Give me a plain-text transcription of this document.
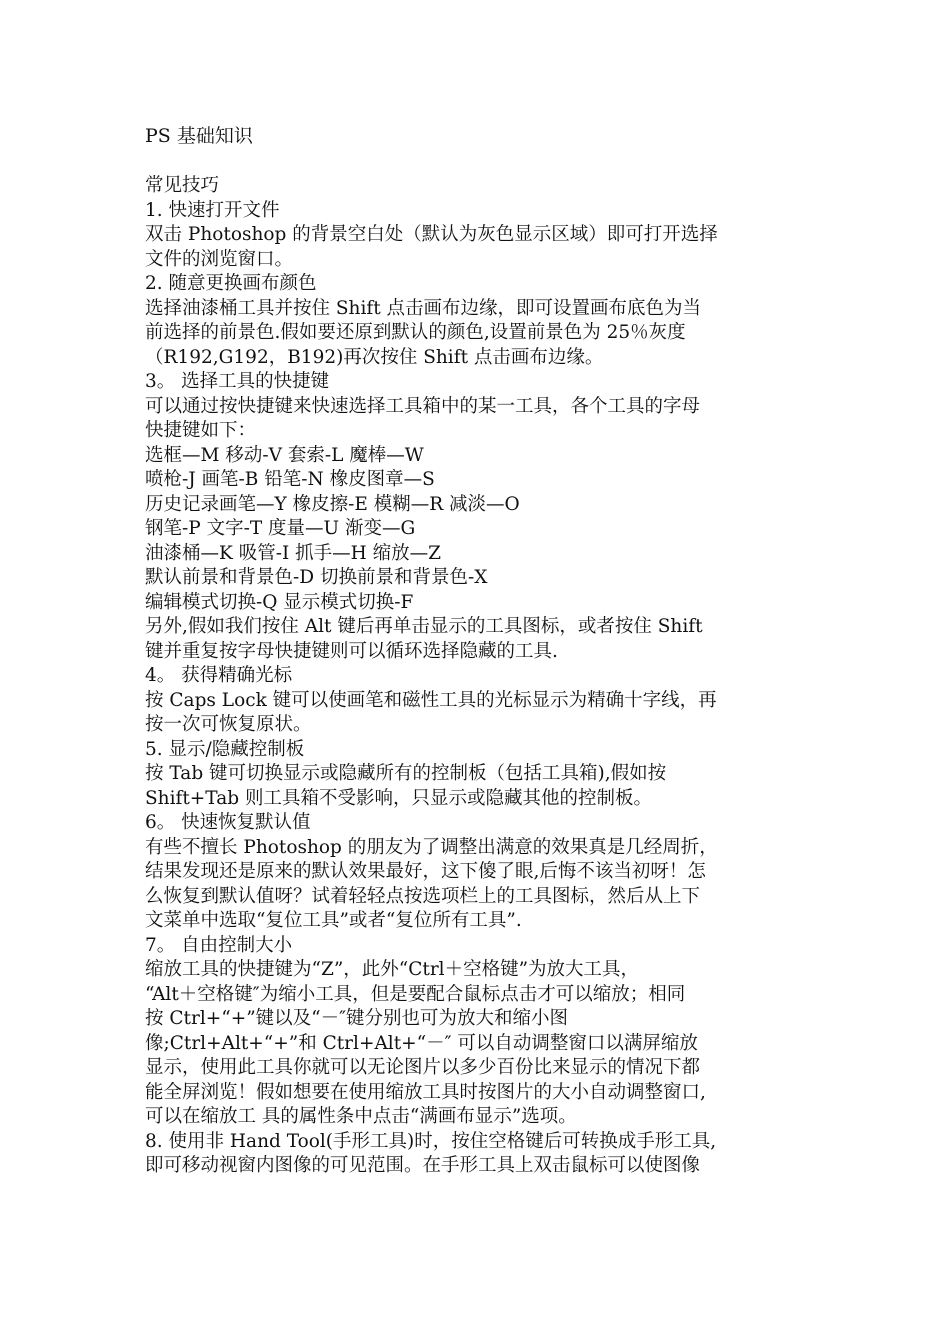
PS 基础知识
常见技巧
1. 快速打开文件
双击 Photoshop 的背景空白处（默认为灰色显示区域）即可打开选择
文件的浏览窗口。
2. 随意更换画布颜色
选择油漆桶工具并按住 Shift 点击画布边缘，即可设置画布底色为当
前选择的前景色.假如要还原到默认的颜色,设置前景色为 25％灰度
（R192,G192，B192)再次按住 Shift 点击画布边缘。
3。 选择工具的快捷键
可以通过按快捷键来快速选择工具箱中的某一工具，各个工具的字母
快捷键如下：
选框—M 移动-V 套索-L 魔棒—W
喷枪-J 画笔-B 铅笔-N 橡皮图章—S
历史记录画笔—Y 橡皮擦-E 模糊—R 减淡—O
钢笔-P 文字-T 度量—U 渐变—G
油漆桶—K 吸管-I 抓手—H 缩放—Z
默认前景和背景色-D 切换前景和背景色-X
编辑模式切换-Q 显示模式切换-F
另外,假如我们按住 Alt 键后再单击显示的工具图标，或者按住 Shift
键并重复按字母快捷键则可以循环选择隐藏的工具.
4。 获得精确光标
按 Caps Lock 键可以使画笔和磁性工具的光标显示为精确十字线，再
按一次可恢复原状。
5. 显示/隐藏控制板
按 Tab 键可切换显示或隐藏所有的控制板（包括工具箱),假如按
Shift+Tab 则工具箱不受影响，只显示或隐藏其他的控制板。
6。 快速恢复默认值
有些不擅长 Photoshop 的朋友为了调整出满意的效果真是几经周折，
结果发现还是原来的默认效果最好，这下傻了眼,后悔不该当初呀！怎
么恢复到默认值呀？试着轻轻点按选项栏上的工具图标，然后从上下
文菜单中选取“复位工具”或者“复位所有工具”.
7。 自由控制大小
缩放工具的快捷键为“Z”，此外“Ctrl＋空格键”为放大工具，
“Alt＋空格键″为缩小工具，但是要配合鼠标点击才可以缩放；相同
按 Ctrl+“+”键以及“－″键分别也可为放大和缩小图
像;Ctrl+Alt+“+”和 Ctrl+Alt+“－″ 可以自动调整窗口以满屏缩放
显示，使用此工具你就可以无论图片以多少百份比来显示的情况下都
能全屏浏览！假如想要在使用缩放工具时按图片的大小自动调整窗口,
可以在缩放工 具的属性条中点击“满画布显示”选项。
8. 使用非 Hand Tool(手形工具)时，按住空格键后可转换成手形工具,
即可移动视窗内图像的可见范围。在手形工具上双击鼠标可以使图像
